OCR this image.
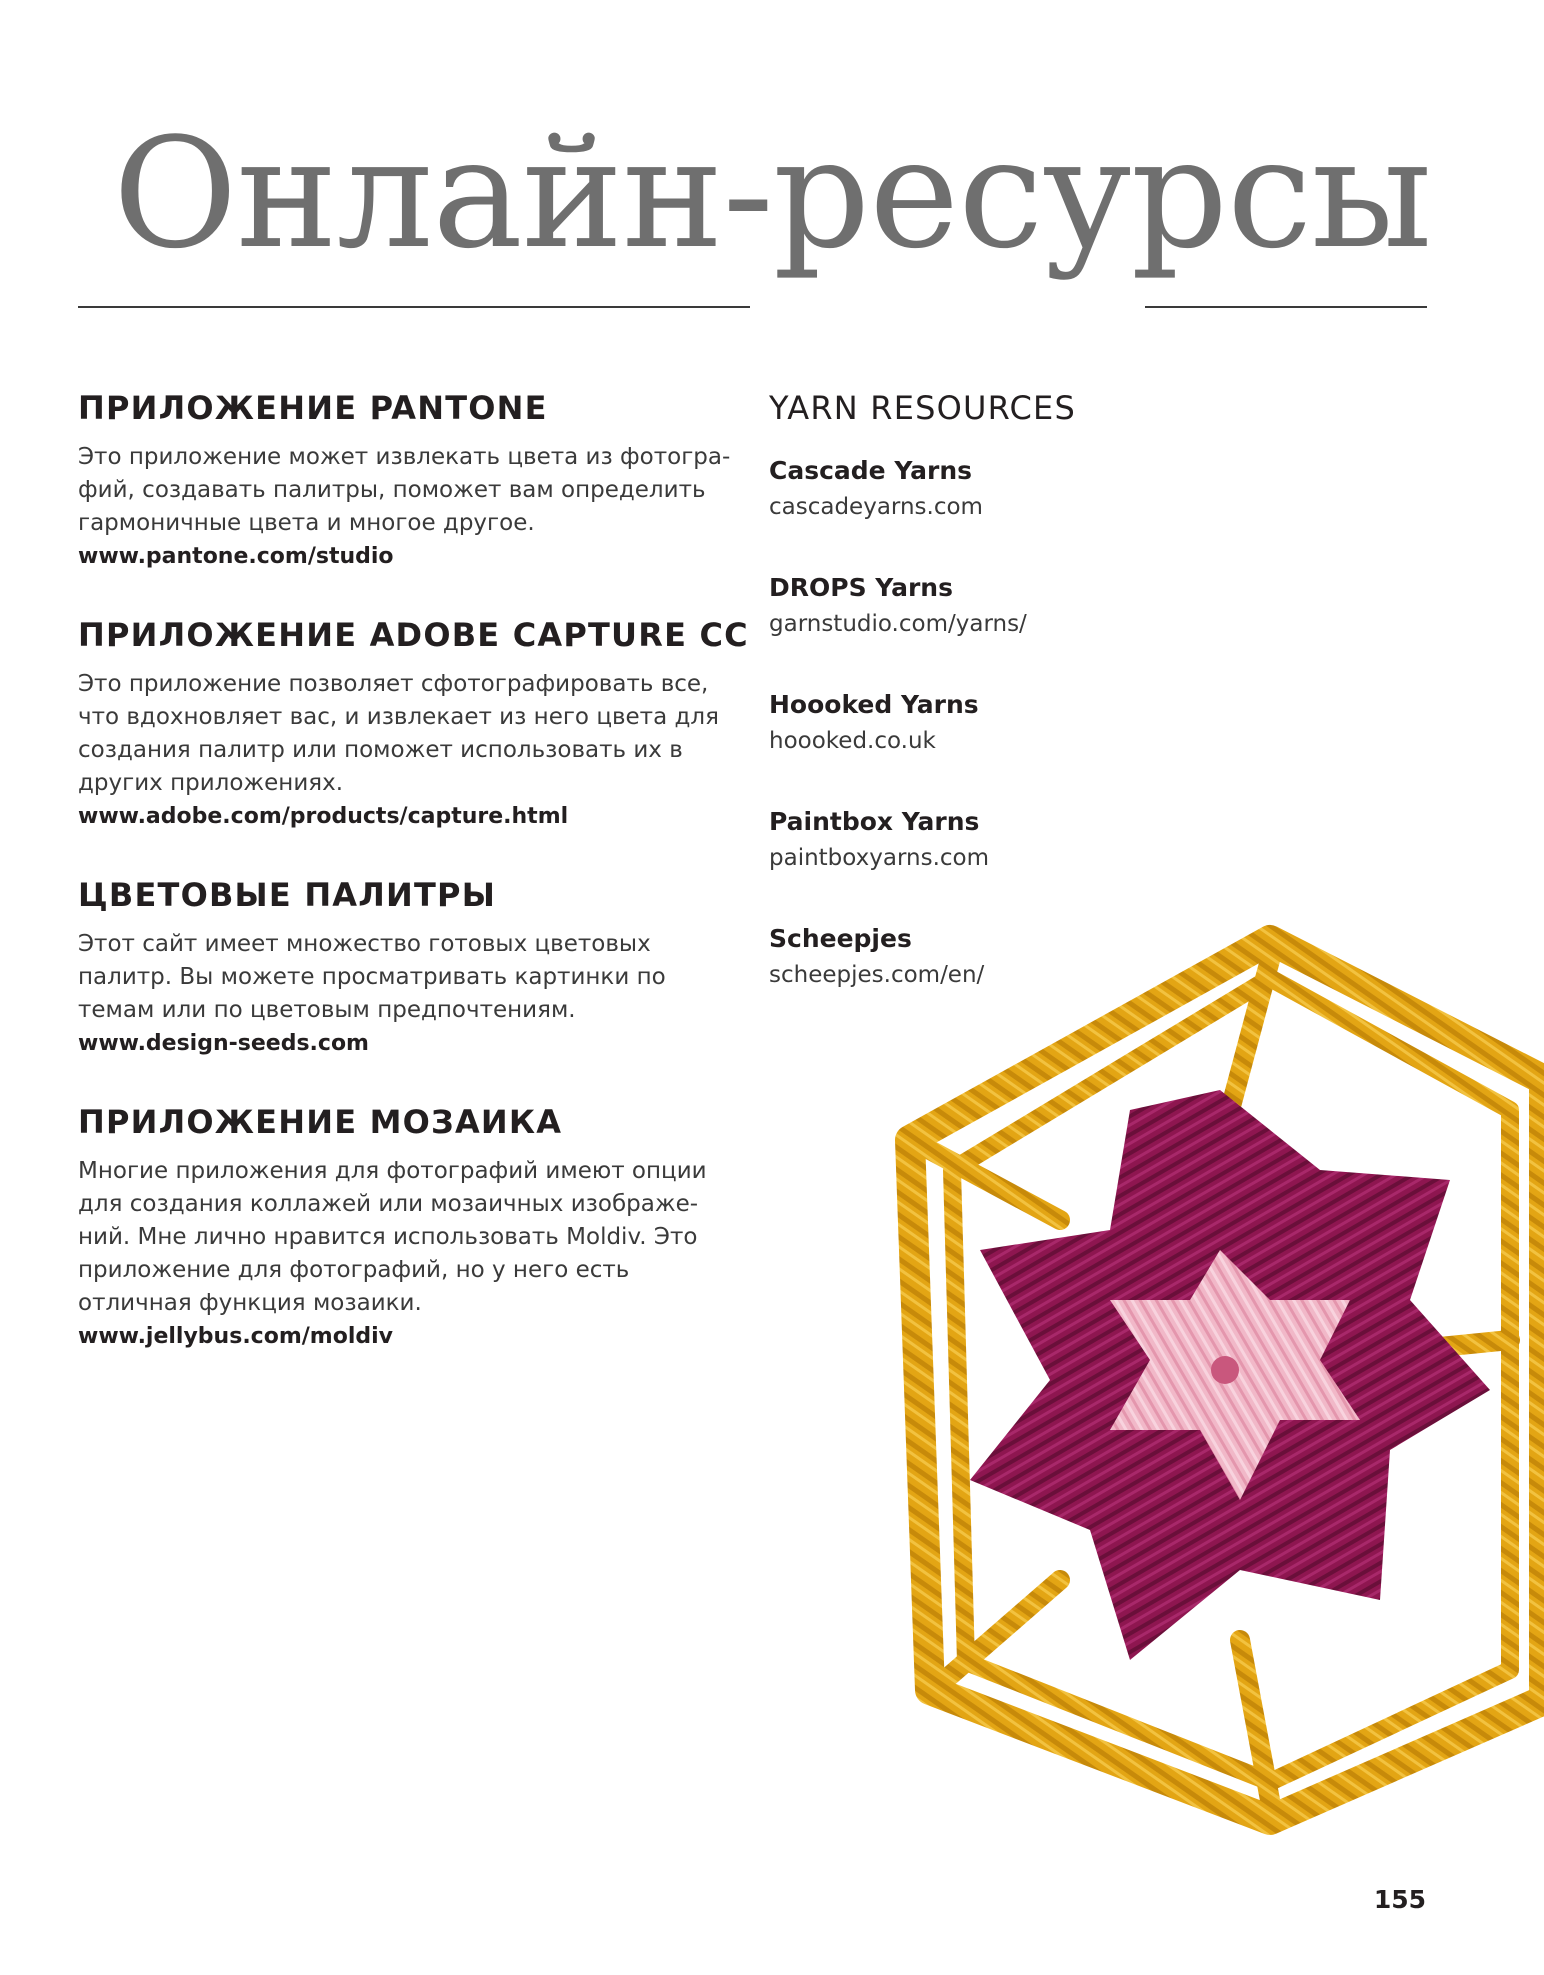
Онлайн-ресурсы
ПРИЛОЖЕНИЕ PANTONE

Это приложение может извлекать цвета из фотогра-фий, создавать палитры, поможет вам определить гармоничные цвета и многое другое.

www.pantone.com/studio
ПРИЛОЖЕНИЕ ADOBE CAPTURE CC

Это приложение позволяет сфотографировать все, что вдохновляет вас, и извлекает из него цвета для создания палитр или поможет использовать их в других приложениях.

www.adobe.com/products/capture.html
ЦВЕТОВЫЕ ПАЛИТРЫ

Этот сайт имеет множество готовых цветовых палитр. Вы можете просматривать картинки по темам или по цветовым предпочтениям.

www.design-seeds.com
ПРИЛОЖЕНИЕ МОЗАИКА

Многие приложения для фотографий имеют опции для создания коллажей или мозаичных изображе-ний. Мне лично нравится использовать Moldiv. Это приложение для фотографий, но у него есть отличная функция мозаики.

www.jellybus.com/moldiv
YARN RESOURCES
Cascade Yarns
cascadeyarns.com
DROPS Yarns
garnstudio.com/yarns/
Hoooked Yarns
hoooked.co.uk
Paintbox Yarns
paintboxyarns.com
Scheepjes
scheepjes.com/en/
155
